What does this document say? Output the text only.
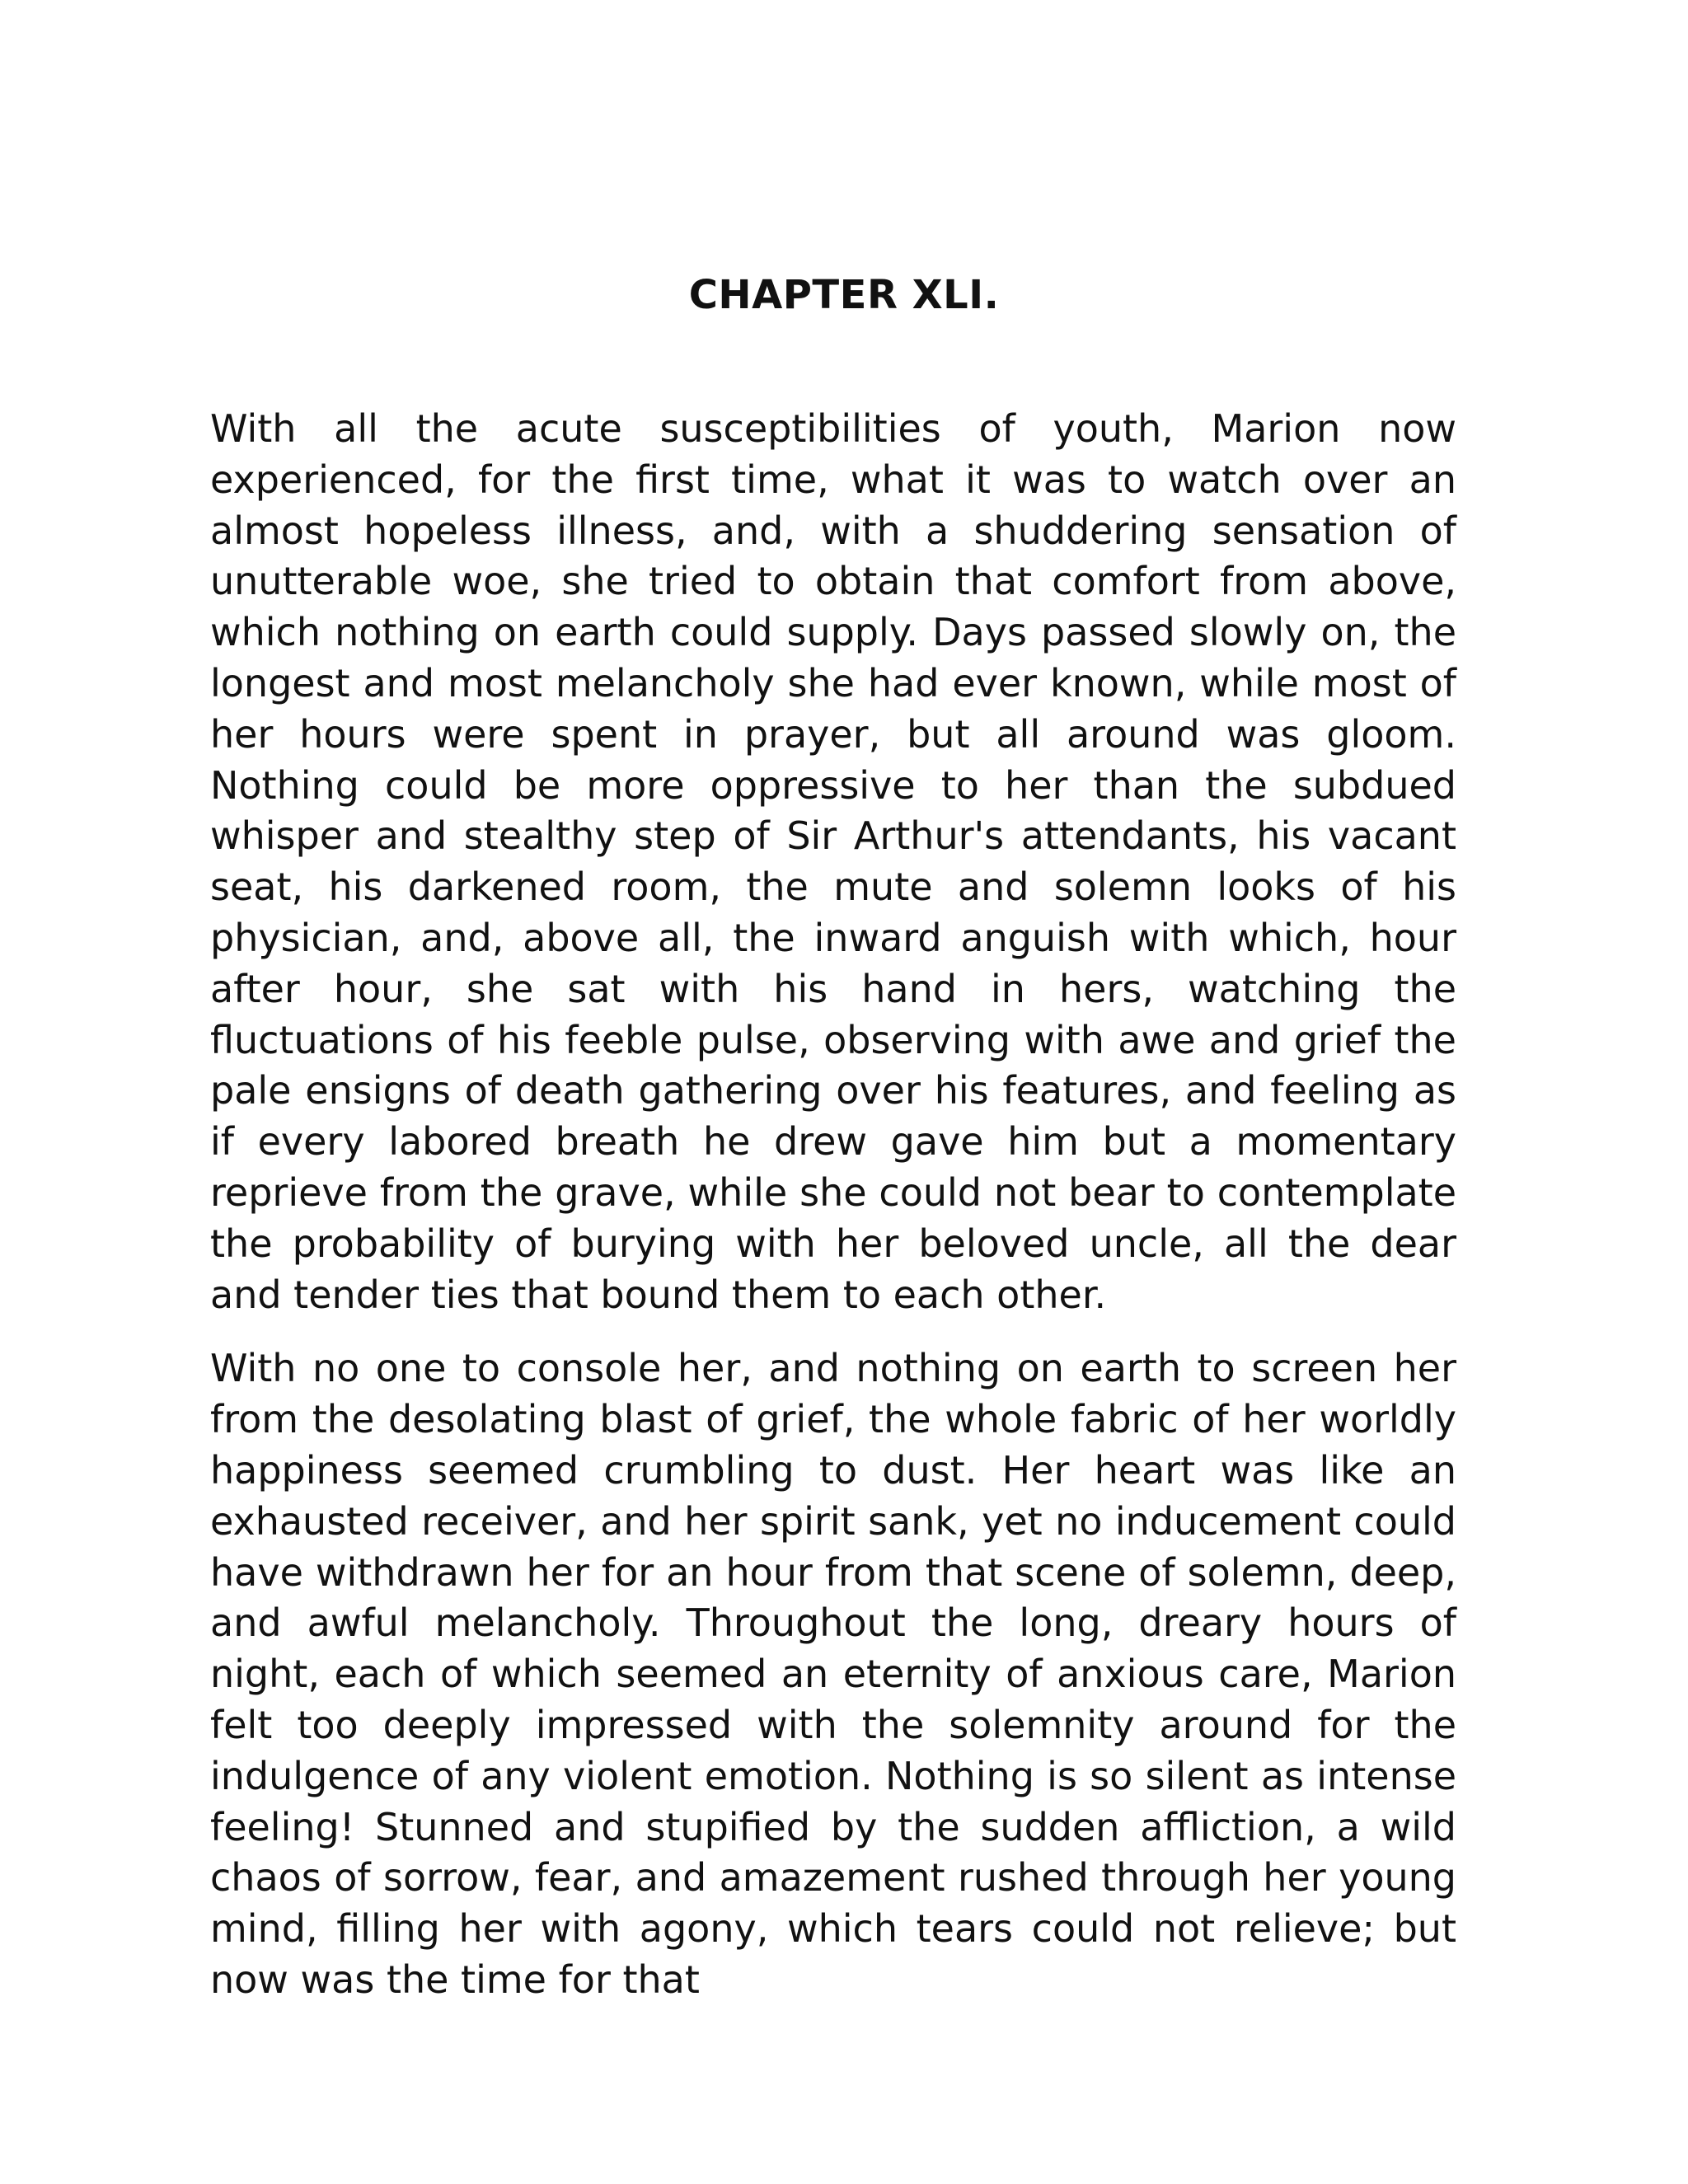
CHAPTER XLI.

With all the acute susceptibilities of youth, Marion now experienced, for the first time, what it was to watch over an almost hopeless illness, and, with a shuddering sensation of unutterable woe, she tried to obtain that comfort from above, which nothing on earth could supply. Days passed slowly on, the longest and most melancholy she had ever known, while most of her hours were spent in prayer, but all around was gloom. Nothing could be more oppressive to her than the subdued whisper and stealthy step of Sir Arthur's attendants, his vacant seat, his darkened room, the mute and solemn looks of his physician, and, above all, the inward anguish with which, hour after hour, she sat with his hand in hers, watching the fluctuations of his feeble pulse, observing with awe and grief the pale ensigns of death gathering over his features, and feeling as if every labored breath he drew gave him but a momentary reprieve from the grave, while she could not bear to contemplate the probability of burying with her beloved uncle, all the dear and tender ties that bound them to each other.

With no one to console her, and nothing on earth to screen her from the desolating blast of grief, the whole fabric of her worldly happiness seemed crumbling to dust. Her heart was like an exhausted receiver, and her spirit sank, yet no inducement could have withdrawn her for an hour from that scene of solemn, deep, and awful melancholy. Throughout the long, dreary hours of night, each of which seemed an eternity of anxious care, Marion felt too deeply impressed with the solemnity around for the indulgence of any violent emotion. Nothing is so silent as intense feeling! Stunned and stupified by the sudden affliction, a wild chaos of sorrow, fear, and amazement rushed through her young mind, filling her with agony, which tears could not relieve; but now was the time for that
